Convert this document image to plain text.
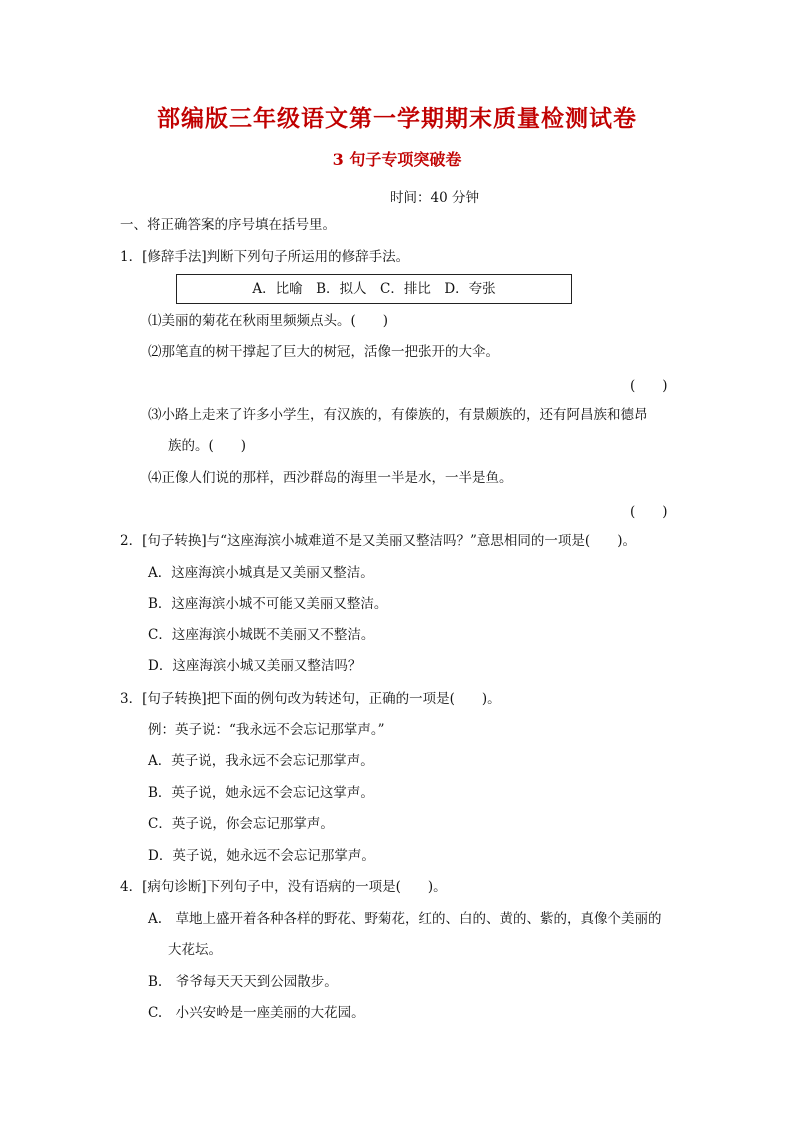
部编版三年级语文第一学期期末质量检测试卷
3 句子专项突破卷
时间：40 分钟
一、将正确答案的序号填在括号里。
1．[修辞手法]判断下列句子所运用的修辞手法。
A．比喻　B．拟人　C．排比　D．夸张
⑴美丽的菊花在秋雨里频频点头。(　　)
⑵那笔直的树干撑起了巨大的树冠，活像一把张开的大伞。
(　　)
⑶小路上走来了许多小学生，有汉族的，有傣族的，有景颇族的，还有阿昌族和德昂
族的。(　　)
⑷正像人们说的那样，西沙群岛的海里一半是水，一半是鱼。
(　　)
2．[句子转换]与“这座海滨小城难道不是又美丽又整洁吗？”意思相同的一项是(　　)。
A．这座海滨小城真是又美丽又整洁。
B．这座海滨小城不可能又美丽又整洁。
C．这座海滨小城既不美丽又不整洁。
D．这座海滨小城又美丽又整洁吗？
3．[句子转换]把下面的例句改为转述句，正确的一项是(　　)。
例：英子说：“我永远不会忘记那掌声。”
A．英子说，我永远不会忘记那掌声。
B．英子说，她永远不会忘记这掌声。
C．英子说，你会忘记那掌声。
D．英子说，她永远不会忘记那掌声。
4．[病句诊断]下列句子中，没有语病的一项是(　　)。
A.　草地上盛开着各种各样的野花、野菊花，红的、白的、黄的、紫的，真像个美丽的
大花坛。
B.　爷爷每天天天到公园散步。
C.　小兴安岭是一座美丽的大花园。
